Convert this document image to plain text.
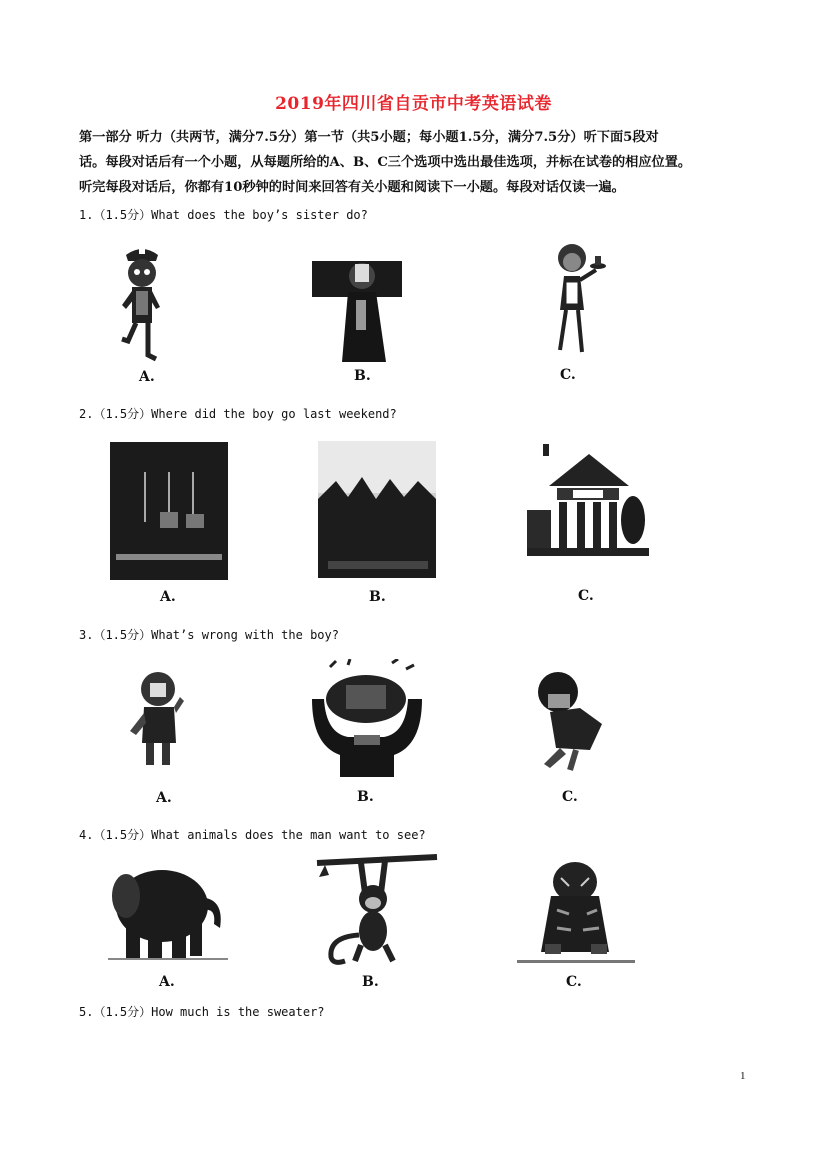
2019年四川省自贡市中考英语试卷
第一部分 听力（共两节，满分7.5分）第一节（共5小题；每小题1.5分，满分7.5分）听下面5段对
话。每段对话后有一个小题，从每题所给的A、B、C三个选项中选出最佳选项，并标在试卷的相应位置。
听完每段对话后，你都有10秒钟的时间来回答有关小题和阅读下一小题。每段对话仅读一遍。
1.（1.5分）What does the boy’s sister do?
A.	B.	C.
2.（1.5分）Where did the boy go last weekend?
A.	B.	C.
3.（1.5分）What’s wrong with the boy?
A.	B.	C.
4.（1.5分）What animals does the man want to see?
A.	B.	C.
5.（1.5分）How much is the sweater?
1
